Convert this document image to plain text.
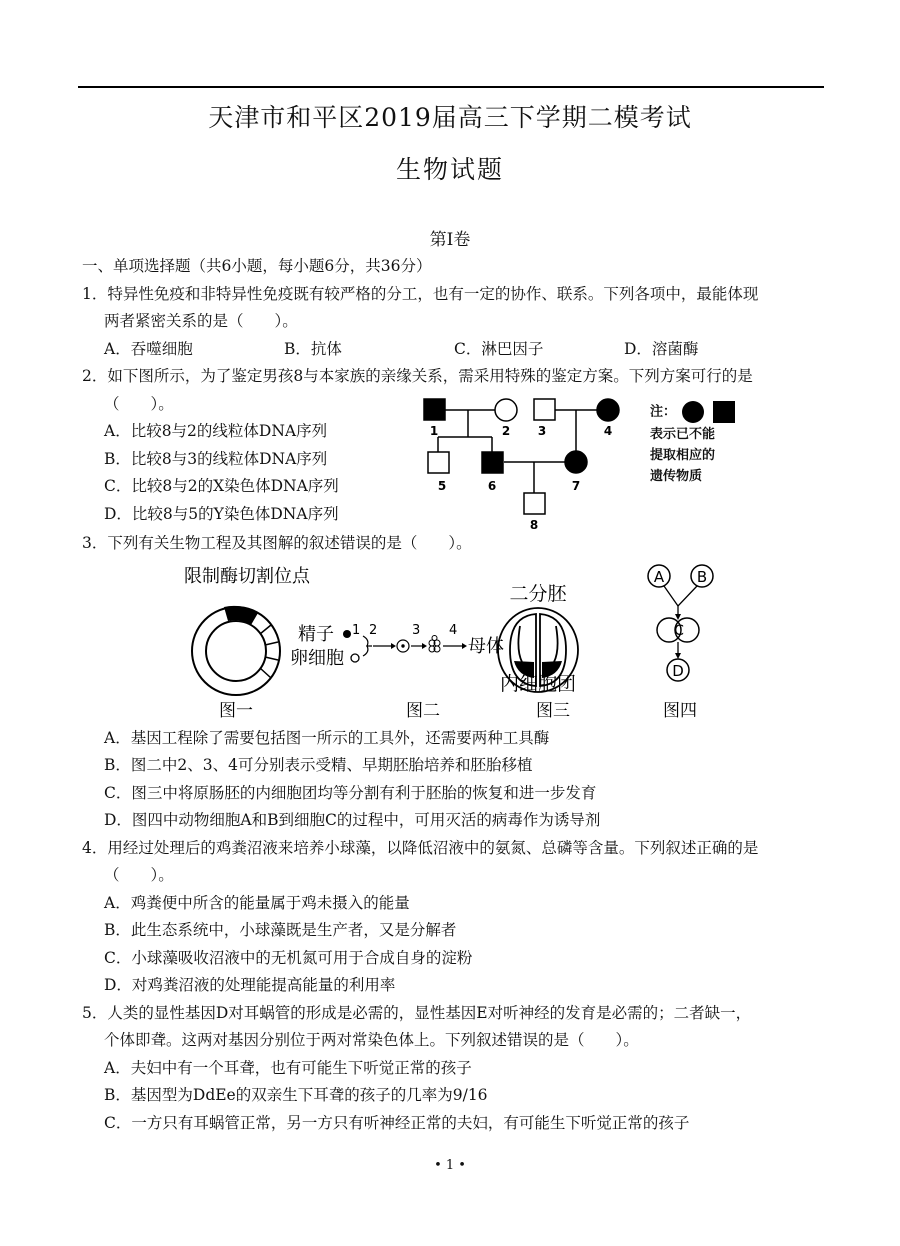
天津市和平区2019届高三下学期二模考试
生物试题
第Ⅰ卷
一、单项选择题（共6小题，每小题6分，共36分）
1．特异性免疫和非特异性免疫既有较严格的分工，也有一定的协作、联系。下列各项中，最能体现
两者紧密关系的是（　　）。
A．吞噬细胞	B．抗体	C．淋巴因子	D．溶菌酶
2．如下图所示，为了鉴定男孩8与本家族的亲缘关系，需采用特殊的鉴定方案。下列方案可行的是
（　　）。
A．比较8与2的线粒体DNA序列
B．比较8与3的线粒体DNA序列
C．比较8与2的X染色体DNA序列
D．比较8与5的Y染色体DNA序列
1	2 3	4
5	6	7
8
注：
表示已不能
提取相应的
遗传物质
3．下列有关生物工程及其图解的叙述错误的是（　　）。
限制酶切割位点
图一
精子
卵细胞
1 2	3 4
母体
图二
二分胚
内细胞团
图三
A B
C
D
图四
A．基因工程除了需要包括图一所示的工具外，还需要两种工具酶
B．图二中2、3、4可分别表示受精、早期胚胎培养和胚胎移植
C．图三中将原肠胚的内细胞团均等分割有利于胚胎的恢复和进一步发育
D．图四中动物细胞A和B到细胞C的过程中，可用灭活的病毒作为诱导剂
4．用经过处理后的鸡粪沼液来培养小球藻，以降低沼液中的氨氮、总磷等含量。下列叙述正确的是
（　　）。
A．鸡粪便中所含的能量属于鸡未摄入的能量
B．此生态系统中，小球藻既是生产者，又是分解者
C．小球藻吸收沼液中的无机氮可用于合成自身的淀粉
D．对鸡粪沼液的处理能提高能量的利用率
5．人类的显性基因D对耳蜗管的形成是必需的，显性基因E对听神经的发育是必需的；二者缺一，
个体即聋。这两对基因分别位于两对常染色体上。下列叙述错误的是（　　）。
A．夫妇中有一个耳聋，也有可能生下听觉正常的孩子
B．基因型为DdEe的双亲生下耳聋的孩子的几率为9/16
C．一方只有耳蜗管正常，另一方只有听神经正常的夫妇，有可能生下听觉正常的孩子
• 1 •
